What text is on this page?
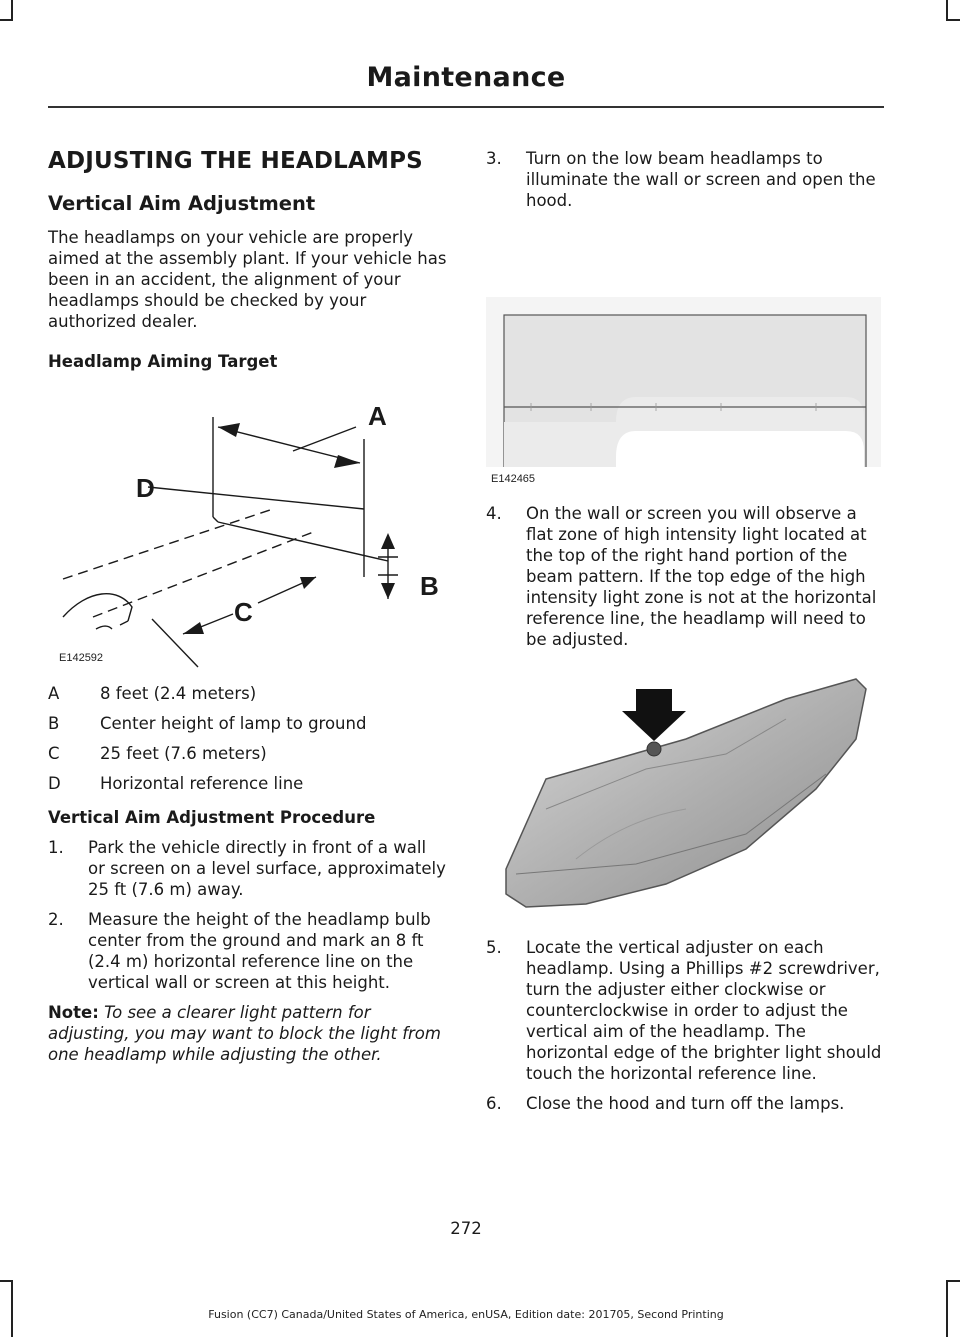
Maintenance
ADJUSTING THE HEADLAMPS
Vertical Aim Adjustment

The headlamps on your vehicle are properly aimed at the assembly plant. If your vehicle has been in an accident, the alignment of your headlamps should be checked by your authorized dealer.

Headlamp Aiming Target
A
D
C
B
E142592
A	8 feet (2.4 meters)
B	Center height of lamp to ground
C	25 feet (7.6 meters)
D	Horizontal reference line
Vertical Aim Adjustment Procedure
1.	Park the vehicle directly in front of a wall or screen on a level surface, approximately 25 ft (7.6 m) away.
2.	Measure the height of the headlamp bulb center from the ground and mark an 8 ft (2.4 m) horizontal reference line on the vertical wall or screen at this height.
Note: To see a clearer light pattern for adjusting, you may want to block the light from one headlamp while adjusting the other.
3.	Turn on the low beam headlamps to illuminate the wall or screen and open the hood.
E142465
4.	On the wall or screen you will observe a flat zone of high intensity light located at the top of the right hand portion of the beam pattern. If the top edge of the high intensity light zone is not at the horizontal reference line, the headlamp will need to be adjusted.
5.	Locate the vertical adjuster on each headlamp. Using a Phillips #2 screwdriver, turn the adjuster either clockwise or counterclockwise in order to adjust the vertical aim of the headlamp. The horizontal edge of the brighter light should touch the horizontal reference line.
6.	Close the hood and turn off the lamps.
272
Fusion (CC7) Canada/United States of America, enUSA, Edition date: 201705, Second Printing
